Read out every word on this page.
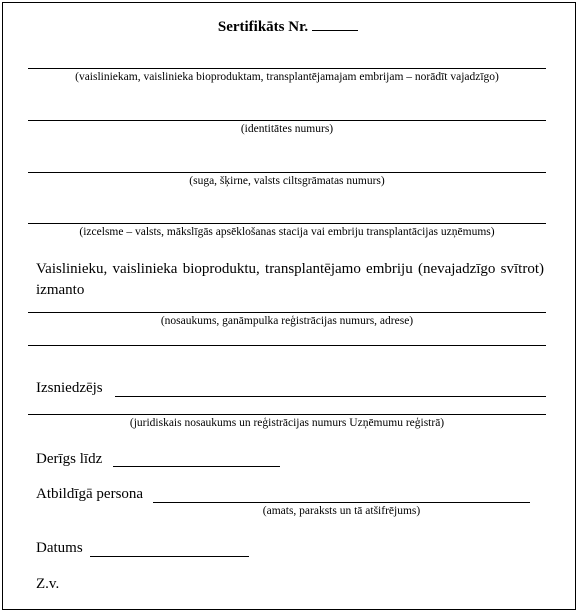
Sertifikāts Nr.
(vaisliniekam, vaislinieka bioproduktam, transplantējamajam embrijam – norādīt vajadzīgo)
(identitātes numurs)
(suga, šķirne, valsts ciltsgrāmatas numurs)
(izcelsme – valsts, mākslīgās apsēklošanas stacija vai embriju transplantācijas uzņēmums)
Vaislinieku, vaislinieka bioproduktu, transplantējamo embriju (nevajadzīgo svītrot) izmanto
(nosaukums, ganāmpulka reģistrācijas numurs, adrese)
Izsniedzējs
(juridiskais nosaukums un reģistrācijas numurs Uzņēmumu reģistrā)
Derīgs līdz
Atbildīgā persona
(amats, paraksts un tā atšifrējums)
Datums
Z.v.
